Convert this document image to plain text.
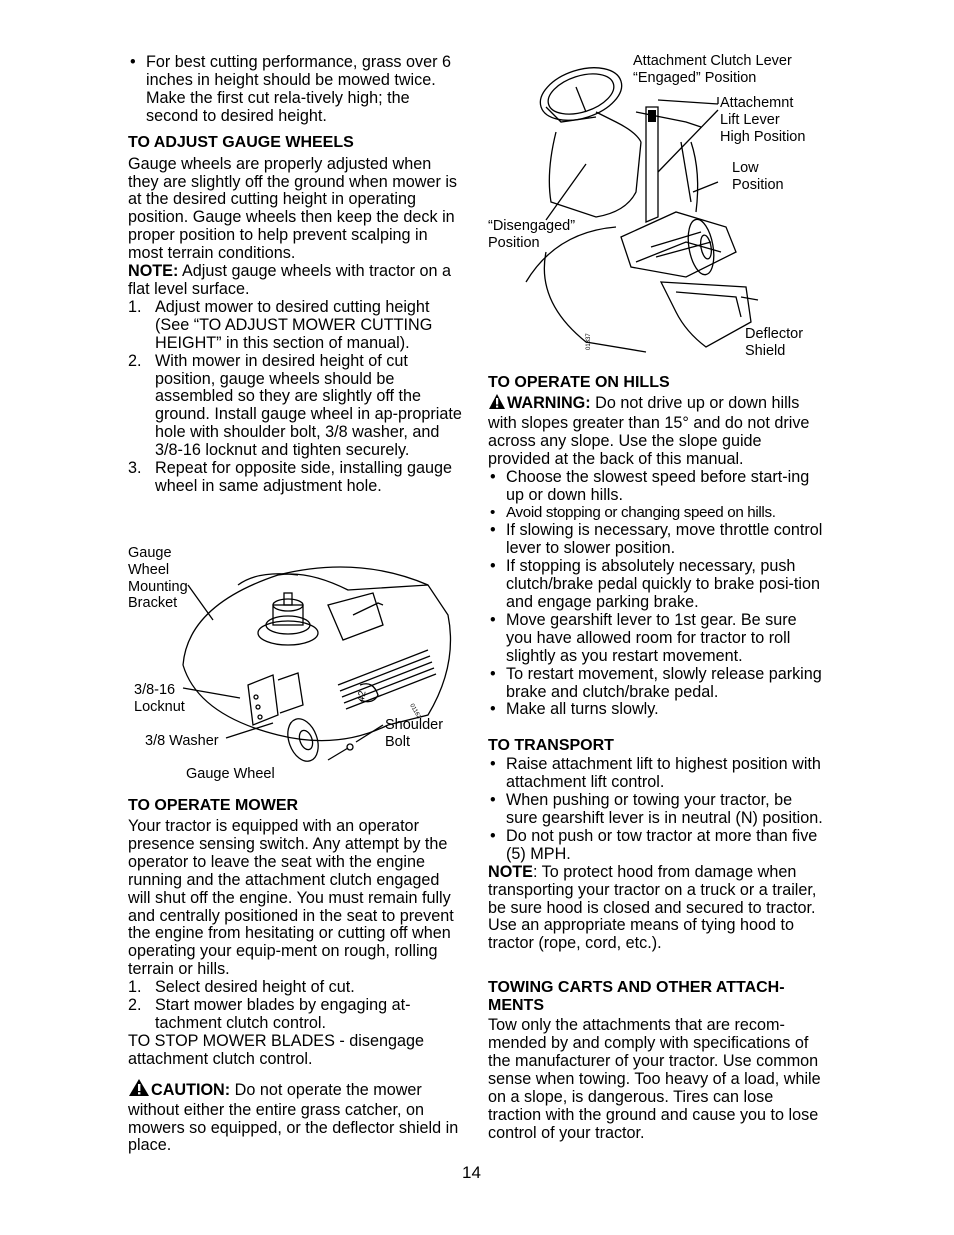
• For best cutting performance, grass over 6 inches in height should be mowed twice. Make the first cut rela-tively high; the second to desired height.
TO ADJUST GAUGE WHEELS

Gauge wheels are properly adjusted when they are slightly off the ground when mower is at the desired cutting height in operating position. Gauge wheels then keep the deck in proper position to help prevent scalping in most terrain conditions.
NOTE: Adjust gauge wheels with tractor on a flat level surface.

1. Adjust mower to desired cutting height (See “TO ADJUST MOWER CUTTING HEIGHT” in this section of manual).
2. With mower in desired height of cut position, gauge wheels should be assembled so they are slightly off the ground. Install gauge wheel in ap-propriate hole with shoulder bolt, 3/8 washer, and 3/8-16 locknut and tighten securely.
3. Repeat for opposite side, installing gauge wheel in same adjustment hole.
42
01162
Gauge
Wheel
Mounting
Bracket
3/8-16
Locknut
3/8 Washer
Gauge Wheel
Shoulder
Bolt
TO OPERATE MOWER

Your tractor is equipped with an operator presence sensing switch. Any attempt by the operator to leave the seat with the engine running and the attachment clutch engaged will shut off the engine. You must remain fully and centrally positioned in the seat to prevent the engine from hesitating or cutting off when operating your equip-ment on rough, rolling terrain or hills.

1. Select desired height of cut.
2. Start mower blades by engaging at-tachment clutch control.

TO STOP MOWER BLADES - disengage attachment clutch control.

CAUTION: Do not operate the mower without either the entire grass catcher, on mowers so equipped, or the deflector shield in place.

01837
Attachment Clutch Lever
“Engaged” Position
Attachemnt
Lift Lever
High Position
Low
Position
“Disengaged”
Position
Deflector
Shield
TO OPERATE ON HILLS

WARNING: Do not drive up or down hills with slopes greater than 15° and do not drive across any slope. Use the slope guide provided at the back of this manual.

• Choose the slowest speed before start-ing up or down hills.
• Avoid stopping or changing speed on hills.
• If slowing is necessary, move throttle control lever to slower position.
• If stopping is absolutely necessary, push clutch/brake pedal quickly to brake posi-tion and engage parking brake.
• Move gearshift lever to 1st gear. Be sure you have allowed room for tractor to roll slightly as you restart movement.
• To restart movement, slowly release parking brake and clutch/brake pedal.
• Make all turns slowly.
TO TRANSPORT
• Raise attachment lift to highest position with attachment lift control.
• When pushing or towing your tractor, be sure gearshift lever is in neutral (N) position.
• Do not push or tow tractor at more than five (5) MPH.

NOTE: To protect hood from damage when transporting your tractor on a truck or a trailer, be sure hood is closed and secured to tractor. Use an appropriate means of tying hood to tractor (rope, cord, etc.).

TOWING CARTS AND OTHER ATTACH-MENTS

Tow only the attachments that are recom-mended by and comply with specifications of the manufacturer of your tractor. Use common sense when towing. Too heavy of a load, while on a slope, is dangerous. Tires can lose traction with the ground and cause you to lose control of your tractor.

14
